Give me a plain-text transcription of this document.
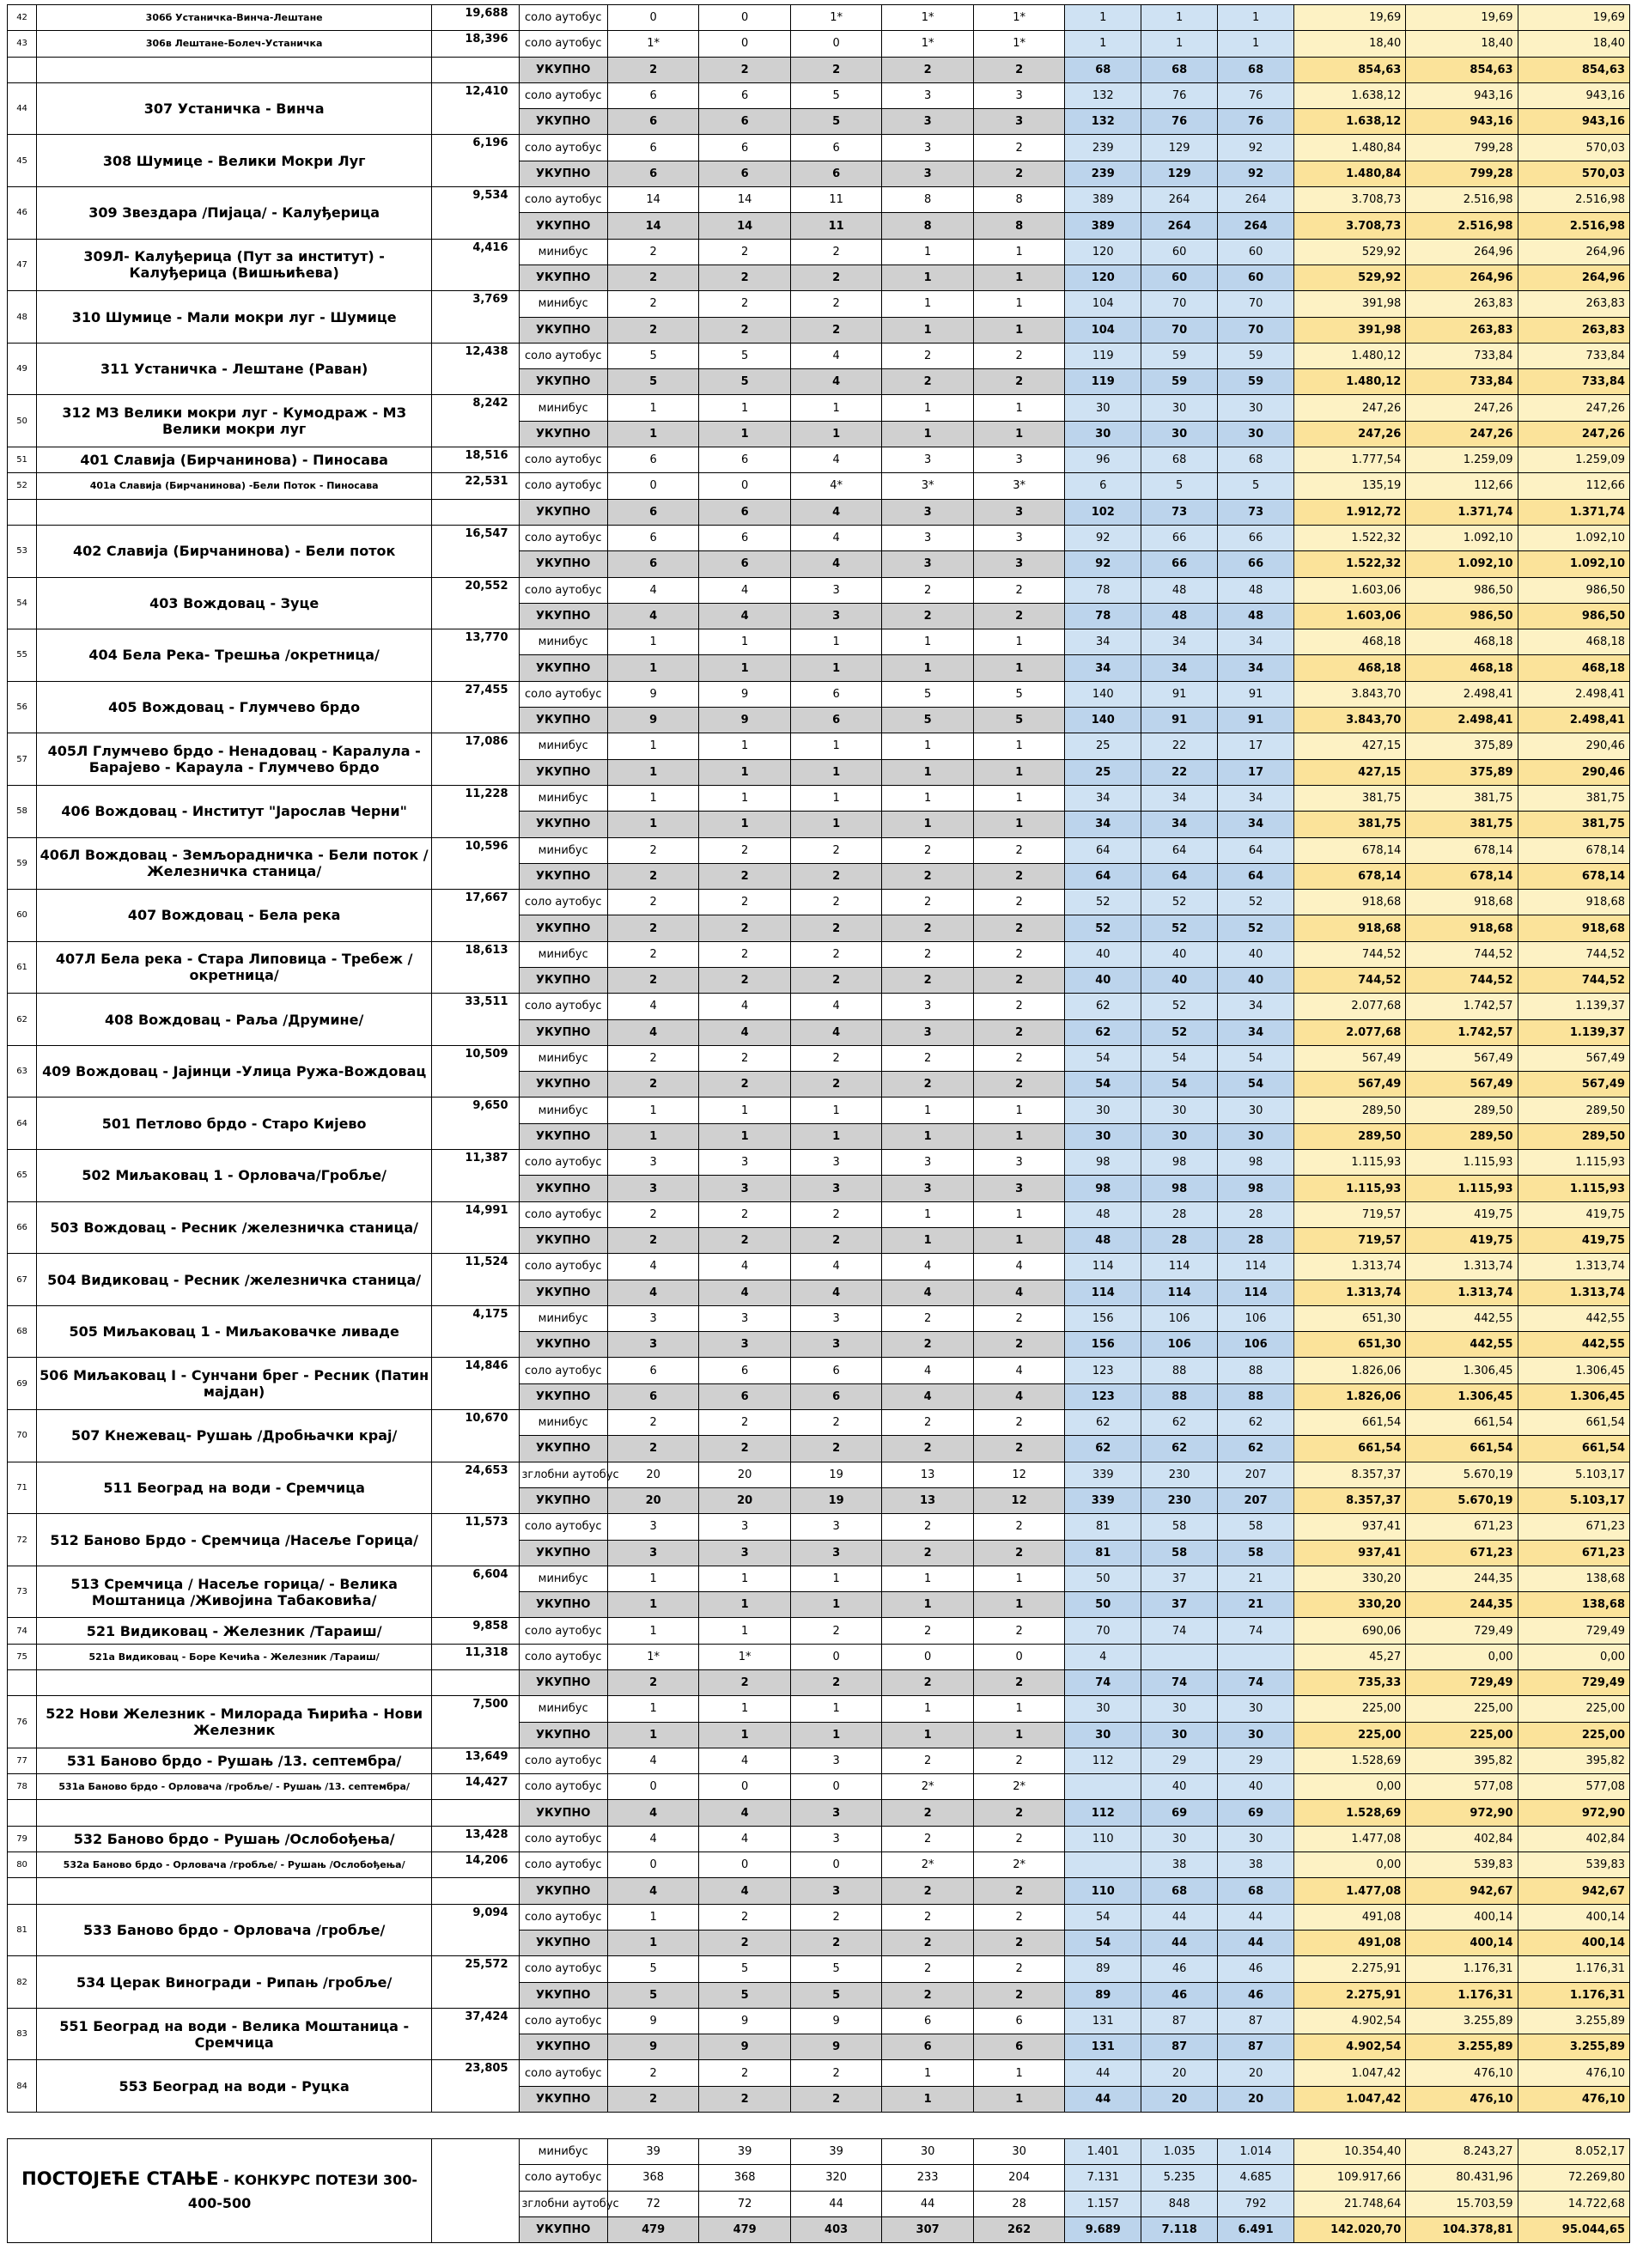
42	306б Устаничка-Винча-Лештане	19,688	соло аутобус	0	0	1*	1*	1*	1	1	1	19,69	19,69	19,69
43	306в Лештане-Болеч-Устаничка	18,396	соло аутобус	1*	0	0	1*	1*	1	1	1	18,40	18,40	18,40
			УКУПНО	2	2	2	2	2	68	68	68	854,63	854,63	854,63
44	307 Устаничка - Винча	12,410	соло аутобус	6	6	5	3	3	132	76	76	1.638,12	943,16	943,16
			УКУПНО	6	6	5	3	3	132	76	76	1.638,12	943,16	943,16
45	308 Шумице - Велики Мокри Луг	6,196	соло аутобус	6	6	6	3	2	239	129	92	1.480,84	799,28	570,03
			УКУПНО	6	6	6	3	2	239	129	92	1.480,84	799,28	570,03
46	309 Звездара /Пијаца/ - Калуђерица	9,534	соло аутобус	14	14	11	8	8	389	264	264	3.708,73	2.516,98	2.516,98
			УКУПНО	14	14	11	8	8	389	264	264	3.708,73	2.516,98	2.516,98
47	309Л- Калуђерица (Пут за институт) - Калуђерица (Вишњићева)	4,416	минибус	2	2	2	1	1	120	60	60	529,92	264,96	264,96
			УКУПНО	2	2	2	1	1	120	60	60	529,92	264,96	264,96
48	310 Шумице - Мали мокри луг - Шумице	3,769	минибус	2	2	2	1	1	104	70	70	391,98	263,83	263,83
			УКУПНО	2	2	2	1	1	104	70	70	391,98	263,83	263,83
49	311 Устаничка - Лештане (Раван)	12,438	соло аутобус	5	5	4	2	2	119	59	59	1.480,12	733,84	733,84
			УКУПНО	5	5	4	2	2	119	59	59	1.480,12	733,84	733,84
50	312 МЗ Велики мокри луг - Кумодраж - МЗ Велики мокри луг	8,242	минибус	1	1	1	1	1	30	30	30	247,26	247,26	247,26
			УКУПНО	1	1	1	1	1	30	30	30	247,26	247,26	247,26
51	401 Славија (Бирчанинова) - Пиносава	18,516	соло аутобус	6	6	4	3	3	96	68	68	1.777,54	1.259,09	1.259,09
52	401а Славија (Бирчанинова) -Бели Поток - Пиносава	22,531	соло аутобус	0	0	4*	3*	3*	6	5	5	135,19	112,66	112,66
			УКУПНО	6	6	4	3	3	102	73	73	1.912,72	1.371,74	1.371,74
53	402 Славија (Бирчанинова) - Бели поток	16,547	соло аутобус	6	6	4	3	3	92	66	66	1.522,32	1.092,10	1.092,10
			УКУПНО	6	6	4	3	3	92	66	66	1.522,32	1.092,10	1.092,10
54	403 Вождовац - Зуце	20,552	соло аутобус	4	4	3	2	2	78	48	48	1.603,06	986,50	986,50
			УКУПНО	4	4	3	2	2	78	48	48	1.603,06	986,50	986,50
55	404 Бела Река- Трешња /окретница/	13,770	минибус	1	1	1	1	1	34	34	34	468,18	468,18	468,18
			УКУПНО	1	1	1	1	1	34	34	34	468,18	468,18	468,18
56	405 Вождовац - Глумчево брдо	27,455	соло аутобус	9	9	6	5	5	140	91	91	3.843,70	2.498,41	2.498,41
			УКУПНО	9	9	6	5	5	140	91	91	3.843,70	2.498,41	2.498,41
57	405Л Глумчево брдо - Ненадовац - Каралула - Барајево - Караула - Глумчево брдо	17,086	минибус	1	1	1	1	1	25	22	17	427,15	375,89	290,46
			УКУПНО	1	1	1	1	1	25	22	17	427,15	375,89	290,46
58	406 Вождовац - Институт "Јарослав Черни"	11,228	минибус	1	1	1	1	1	34	34	34	381,75	381,75	381,75
			УКУПНО	1	1	1	1	1	34	34	34	381,75	381,75	381,75
59	406Л Вождовац - Земљорадничка - Бели поток /Железничка станица/	10,596	минибус	2	2	2	2	2	64	64	64	678,14	678,14	678,14
			УКУПНО	2	2	2	2	2	64	64	64	678,14	678,14	678,14
60	407 Вождовац - Бела река	17,667	соло аутобус	2	2	2	2	2	52	52	52	918,68	918,68	918,68
			УКУПНО	2	2	2	2	2	52	52	52	918,68	918,68	918,68
61	407Л Бела река - Стара Липовица - Требеж /окретница/	18,613	минибус	2	2	2	2	2	40	40	40	744,52	744,52	744,52
			УКУПНО	2	2	2	2	2	40	40	40	744,52	744,52	744,52
62	408 Вождовац - Раља /Друмине/	33,511	соло аутобус	4	4	4	3	2	62	52	34	2.077,68	1.742,57	1.139,37
			УКУПНО	4	4	4	3	2	62	52	34	2.077,68	1.742,57	1.139,37
63	409 Вождовац - Јајинци -Улица Ружа-Вождовац	10,509	минибус	2	2	2	2	2	54	54	54	567,49	567,49	567,49
			УКУПНО	2	2	2	2	2	54	54	54	567,49	567,49	567,49
64	501 Петлово брдо - Старо Кијево	9,650	минибус	1	1	1	1	1	30	30	30	289,50	289,50	289,50
			УКУПНО	1	1	1	1	1	30	30	30	289,50	289,50	289,50
65	502 Миљаковац 1 - Орловача/Гробље/	11,387	соло аутобус	3	3	3	3	3	98	98	98	1.115,93	1.115,93	1.115,93
			УКУПНО	3	3	3	3	3	98	98	98	1.115,93	1.115,93	1.115,93
66	503 Вождовац - Ресник /железничка станица/	14,991	соло аутобус	2	2	2	1	1	48	28	28	719,57	419,75	419,75
			УКУПНО	2	2	2	1	1	48	28	28	719,57	419,75	419,75
67	504 Видиковац - Ресник /железничка станица/	11,524	соло аутобус	4	4	4	4	4	114	114	114	1.313,74	1.313,74	1.313,74
			УКУПНО	4	4	4	4	4	114	114	114	1.313,74	1.313,74	1.313,74
68	505 Миљаковац 1 - Миљаковачке ливаде	4,175	минибус	3	3	3	2	2	156	106	106	651,30	442,55	442,55
			УКУПНО	3	3	3	2	2	156	106	106	651,30	442,55	442,55
69	506 Миљаковац I - Сунчани брег - Ресник (Патин мајдан)	14,846	соло аутобус	6	6	6	4	4	123	88	88	1.826,06	1.306,45	1.306,45
			УКУПНО	6	6	6	4	4	123	88	88	1.826,06	1.306,45	1.306,45
70	507 Кнежевац- Рушањ /Дробњачки крај/	10,670	минибус	2	2	2	2	2	62	62	62	661,54	661,54	661,54
			УКУПНО	2	2	2	2	2	62	62	62	661,54	661,54	661,54
71	511 Београд на води - Сремчица	24,653	зглобни аутобус	20	20	19	13	12	339	230	207	8.357,37	5.670,19	5.103,17
			УКУПНО	20	20	19	13	12	339	230	207	8.357,37	5.670,19	5.103,17
72	512 Баново Брдо - Сремчица /Насеље Горица/	11,573	соло аутобус	3	3	3	2	2	81	58	58	937,41	671,23	671,23
			УКУПНО	3	3	3	2	2	81	58	58	937,41	671,23	671,23
73	513 Сремчица / Насеље горица/ - Велика Моштаница /Живојина Табаковића/	6,604	минибус	1	1	1	1	1	50	37	21	330,20	244,35	138,68
			УКУПНО	1	1	1	1	1	50	37	21	330,20	244,35	138,68
74	521 Видиковац - Железник /Тараиш/	9,858	соло аутобус	1	1	2	2	2	70	74	74	690,06	729,49	729,49
75	521а Видиковац - Боре Кечића - Железник /Тараиш/	11,318	соло аутобус	1*	1*	0	0	0	4			45,27	0,00	0,00
			УКУПНО	2	2	2	2	2	74	74	74	735,33	729,49	729,49
76	522 Нови Железник - Милорада Ћирића - Нови Железник	7,500	минибус	1	1	1	1	1	30	30	30	225,00	225,00	225,00
			УКУПНО	1	1	1	1	1	30	30	30	225,00	225,00	225,00
77	531 Баново брдо - Рушањ /13. септембра/	13,649	соло аутобус	4	4	3	2	2	112	29	29	1.528,69	395,82	395,82
78	531а Баново брдо - Орловача /гробље/ - Рушањ /13. септембра/	14,427	соло аутобус	0	0	0	2*	2*		40	40	0,00	577,08	577,08
			УКУПНО	4	4	3	2	2	112	69	69	1.528,69	972,90	972,90
79	532 Баново брдо - Рушањ /Ослобођења/	13,428	соло аутобус	4	4	3	2	2	110	30	30	1.477,08	402,84	402,84
80	532а Баново брдо - Орловача /гробље/ - Рушањ /Ослобођења/	14,206	соло аутобус	0	0	0	2*	2*		38	38	0,00	539,83	539,83
			УКУПНО	4	4	3	2	2	110	68	68	1.477,08	942,67	942,67
81	533 Баново брдо - Орловача /гробље/	9,094	соло аутобус	1	2	2	2	2	54	44	44	491,08	400,14	400,14
			УКУПНО	1	2	2	2	2	54	44	44	491,08	400,14	400,14
82	534 Церак Виногради - Рипањ /гробље/	25,572	соло аутобус	5	5	5	2	2	89	46	46	2.275,91	1.176,31	1.176,31
			УКУПНО	5	5	5	2	2	89	46	46	2.275,91	1.176,31	1.176,31
83	551 Београд на води - Велика Моштаница - Сремчица	37,424	соло аутобус	9	9	9	6	6	131	87	87	4.902,54	3.255,89	3.255,89
			УКУПНО	9	9	9	6	6	131	87	87	4.902,54	3.255,89	3.255,89
84	553 Београд на води - Руцка	23,805	соло аутобус	2	2	2	1	1	44	20	20	1.047,42	476,10	476,10
			УКУПНО	2	2	2	1	1	44	20	20	1.047,42	476,10	476,10

ПОСТОЈЕЋЕ СТАЊЕ - КОНКУРС ПОТЕЗИ 300-400-500			минибус	39	39	39	30	30	1.401	1.035	1.014	10.354,40	8.243,27	8.052,17
			соло аутобус	368	368	320	233	204	7.131	5.235	4.685	109.917,66	80.431,96	72.269,80
			зглобни аутобус	72	72	44	44	28	1.157	848	792	21.748,64	15.703,59	14.722,68
			УКУПНО	479	479	403	307	262	9.689	7.118	6.491	142.020,70	104.378,81	95.044,65
